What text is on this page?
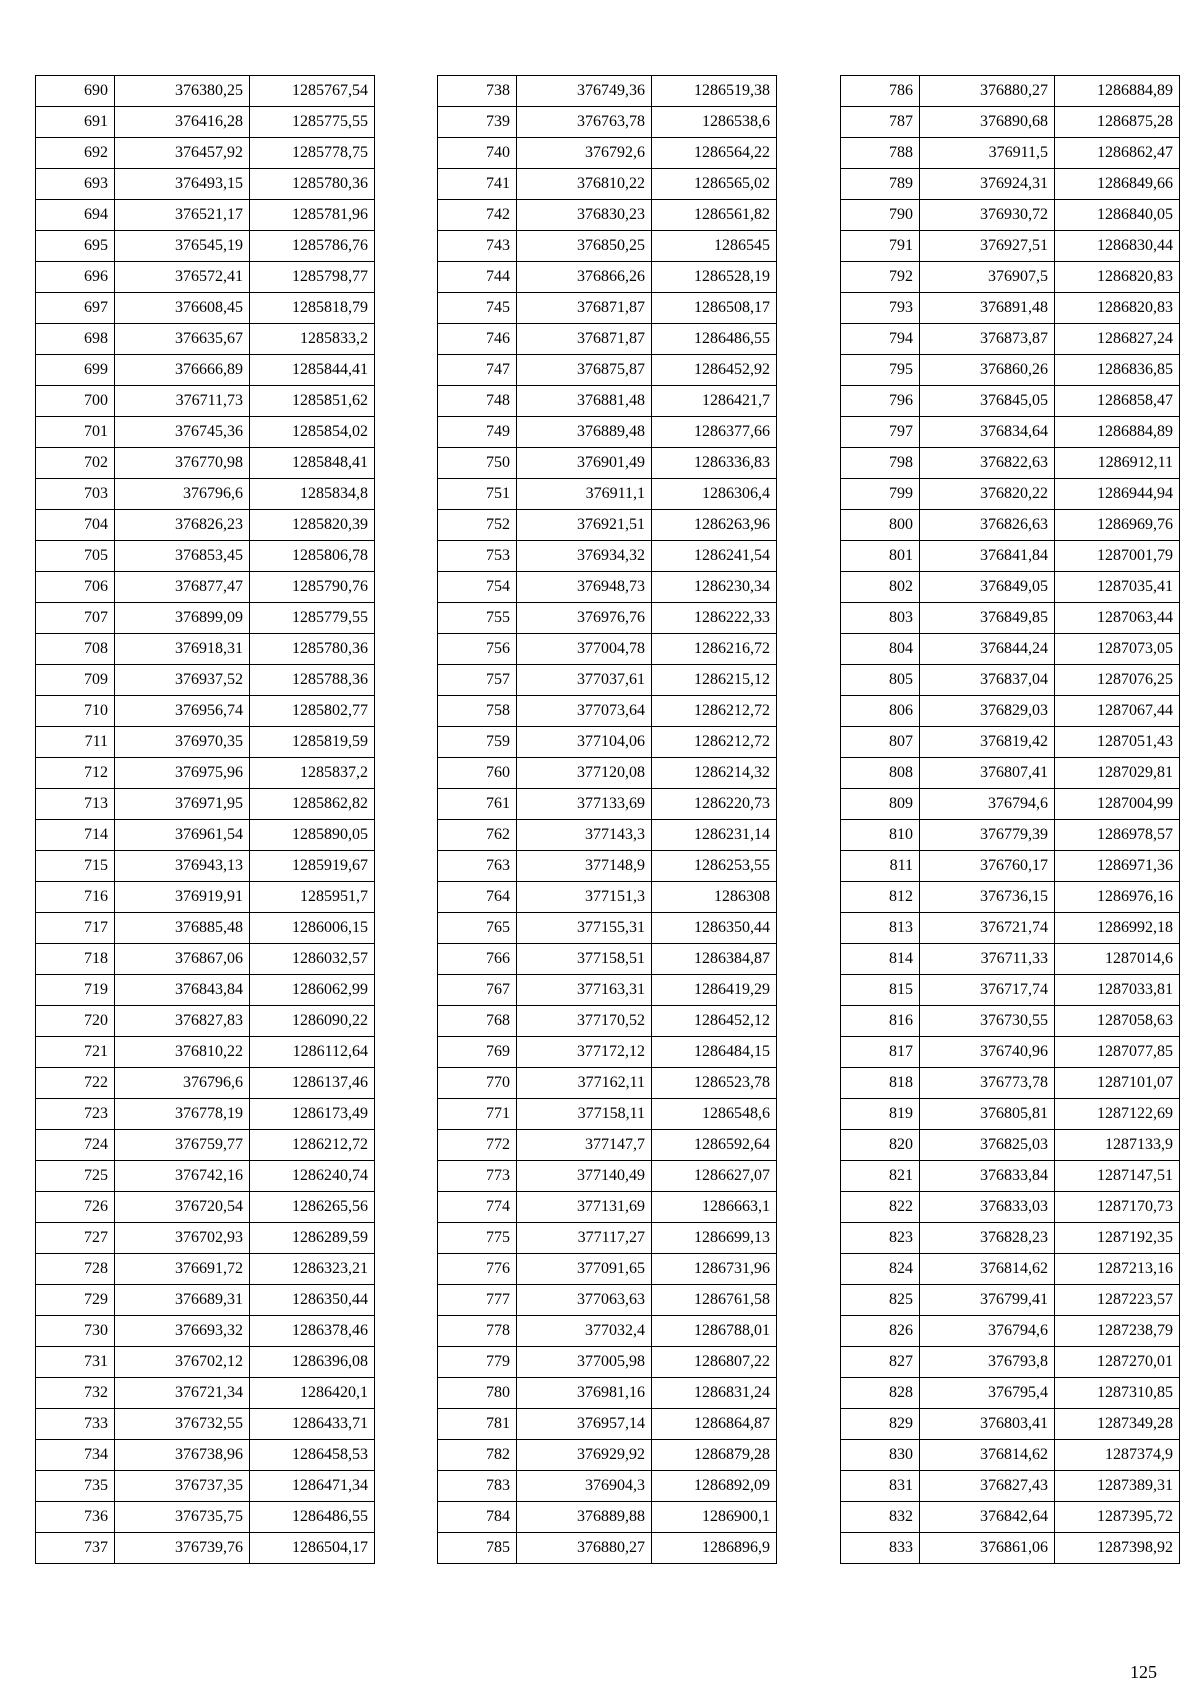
690	376380,25	1285767,54
691	376416,28	1285775,55
692	376457,92	1285778,75
693	376493,15	1285780,36
694	376521,17	1285781,96
695	376545,19	1285786,76
696	376572,41	1285798,77
697	376608,45	1285818,79
698	376635,67	1285833,2
699	376666,89	1285844,41
700	376711,73	1285851,62
701	376745,36	1285854,02
702	376770,98	1285848,41
703	376796,6	1285834,8
704	376826,23	1285820,39
705	376853,45	1285806,78
706	376877,47	1285790,76
707	376899,09	1285779,55
708	376918,31	1285780,36
709	376937,52	1285788,36
710	376956,74	1285802,77
711	376970,35	1285819,59
712	376975,96	1285837,2
713	376971,95	1285862,82
714	376961,54	1285890,05
715	376943,13	1285919,67
716	376919,91	1285951,7
717	376885,48	1286006,15
718	376867,06	1286032,57
719	376843,84	1286062,99
720	376827,83	1286090,22
721	376810,22	1286112,64
722	376796,6	1286137,46
723	376778,19	1286173,49
724	376759,77	1286212,72
725	376742,16	1286240,74
726	376720,54	1286265,56
727	376702,93	1286289,59
728	376691,72	1286323,21
729	376689,31	1286350,44
730	376693,32	1286378,46
731	376702,12	1286396,08
732	376721,34	1286420,1
733	376732,55	1286433,71
734	376738,96	1286458,53
735	376737,35	1286471,34
736	376735,75	1286486,55
737	376739,76	1286504,17
738	376749,36	1286519,38
739	376763,78	1286538,6
740	376792,6	1286564,22
741	376810,22	1286565,02
742	376830,23	1286561,82
743	376850,25	1286545
744	376866,26	1286528,19
745	376871,87	1286508,17
746	376871,87	1286486,55
747	376875,87	1286452,92
748	376881,48	1286421,7
749	376889,48	1286377,66
750	376901,49	1286336,83
751	376911,1	1286306,4
752	376921,51	1286263,96
753	376934,32	1286241,54
754	376948,73	1286230,34
755	376976,76	1286222,33
756	377004,78	1286216,72
757	377037,61	1286215,12
758	377073,64	1286212,72
759	377104,06	1286212,72
760	377120,08	1286214,32
761	377133,69	1286220,73
762	377143,3	1286231,14
763	377148,9	1286253,55
764	377151,3	1286308
765	377155,31	1286350,44
766	377158,51	1286384,87
767	377163,31	1286419,29
768	377170,52	1286452,12
769	377172,12	1286484,15
770	377162,11	1286523,78
771	377158,11	1286548,6
772	377147,7	1286592,64
773	377140,49	1286627,07
774	377131,69	1286663,1
775	377117,27	1286699,13
776	377091,65	1286731,96
777	377063,63	1286761,58
778	377032,4	1286788,01
779	377005,98	1286807,22
780	376981,16	1286831,24
781	376957,14	1286864,87
782	376929,92	1286879,28
783	376904,3	1286892,09
784	376889,88	1286900,1
785	376880,27	1286896,9
786	376880,27	1286884,89
787	376890,68	1286875,28
788	376911,5	1286862,47
789	376924,31	1286849,66
790	376930,72	1286840,05
791	376927,51	1286830,44
792	376907,5	1286820,83
793	376891,48	1286820,83
794	376873,87	1286827,24
795	376860,26	1286836,85
796	376845,05	1286858,47
797	376834,64	1286884,89
798	376822,63	1286912,11
799	376820,22	1286944,94
800	376826,63	1286969,76
801	376841,84	1287001,79
802	376849,05	1287035,41
803	376849,85	1287063,44
804	376844,24	1287073,05
805	376837,04	1287076,25
806	376829,03	1287067,44
807	376819,42	1287051,43
808	376807,41	1287029,81
809	376794,6	1287004,99
810	376779,39	1286978,57
811	376760,17	1286971,36
812	376736,15	1286976,16
813	376721,74	1286992,18
814	376711,33	1287014,6
815	376717,74	1287033,81
816	376730,55	1287058,63
817	376740,96	1287077,85
818	376773,78	1287101,07
819	376805,81	1287122,69
820	376825,03	1287133,9
821	376833,84	1287147,51
822	376833,03	1287170,73
823	376828,23	1287192,35
824	376814,62	1287213,16
825	376799,41	1287223,57
826	376794,6	1287238,79
827	376793,8	1287270,01
828	376795,4	1287310,85
829	376803,41	1287349,28
830	376814,62	1287374,9
831	376827,43	1287389,31
832	376842,64	1287395,72
833	376861,06	1287398,92
125
